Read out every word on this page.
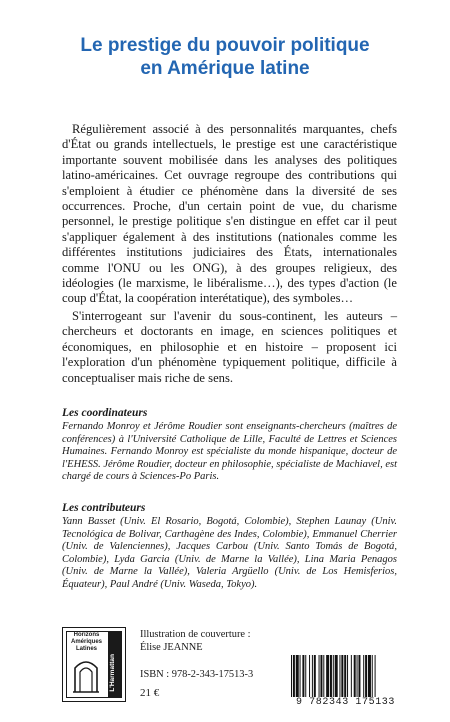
Le prestige du pouvoir politique
en Amérique latine

Régulièrement associé à des personnalités marquantes, chefs d'État ou grands intellectuels, le prestige est une caractéristique importante souvent mobilisée dans les analyses des politiques latino-américaines. Cet ouvrage regroupe des contributions qui s'emploient à étudier ce phénomène dans la diversité de ses occurrences. Proche, d'un certain point de vue, du charisme personnel, le prestige politique s'en distingue en effet car il peut s'appliquer également à des institutions (nationales comme les différentes institutions judiciaires des États, internationales comme l'ONU ou les ONG), à des groupes religieux, des idéologies (le marxisme, le libéralisme…), des types d'action (le coup d'État, la coopération interétatique), des symboles…

S'interrogeant sur l'avenir du sous-continent, les auteurs – chercheurs et doctorants en image, en sciences politiques et économiques, en philosophie et en histoire – proposent ici l'exploration d'un phénomène typiquement politique, difficile à conceptualiser mais riche de sens.

Les coordinateurs

Fernando Monroy et Jérôme Roudier sont enseignants-chercheurs (maîtres de conférences) à l'Université Catholique de Lille, Faculté de Lettres et Sciences Humaines. Fernando Monroy est spécialiste du monde hispanique, docteur de l'EHESS. Jérôme Roudier, docteur en philosophie, spécialiste de Machiavel, est chargé de cours à Sciences-Po Paris.

Les contributeurs

Yann Basset (Univ. El Rosario, Bogotá, Colombie), Stephen Launay (Univ. Tecnológica de Bolivar, Carthagène des Indes, Colombie), Emmanuel Cherrier (Univ. de Valenciennes), Jacques Carbou (Univ. Santo Tomás de Bogotá, Colombie), Lyda Garcia (Univ. de Marne la Vallée), Lina Maria Penagos (Univ. de Marne la Vallée), Valeria Argüello (Univ. de Los Hemisferios, Équateur), Paul André (Univ. Waseda, Tokyo).

Horizons
Amériques Latines
L'Harmattan
Illustration de couverture :
Élise JEANNE
ISBN : 978-2-343-17513-3
21 €
9 782343 175133
